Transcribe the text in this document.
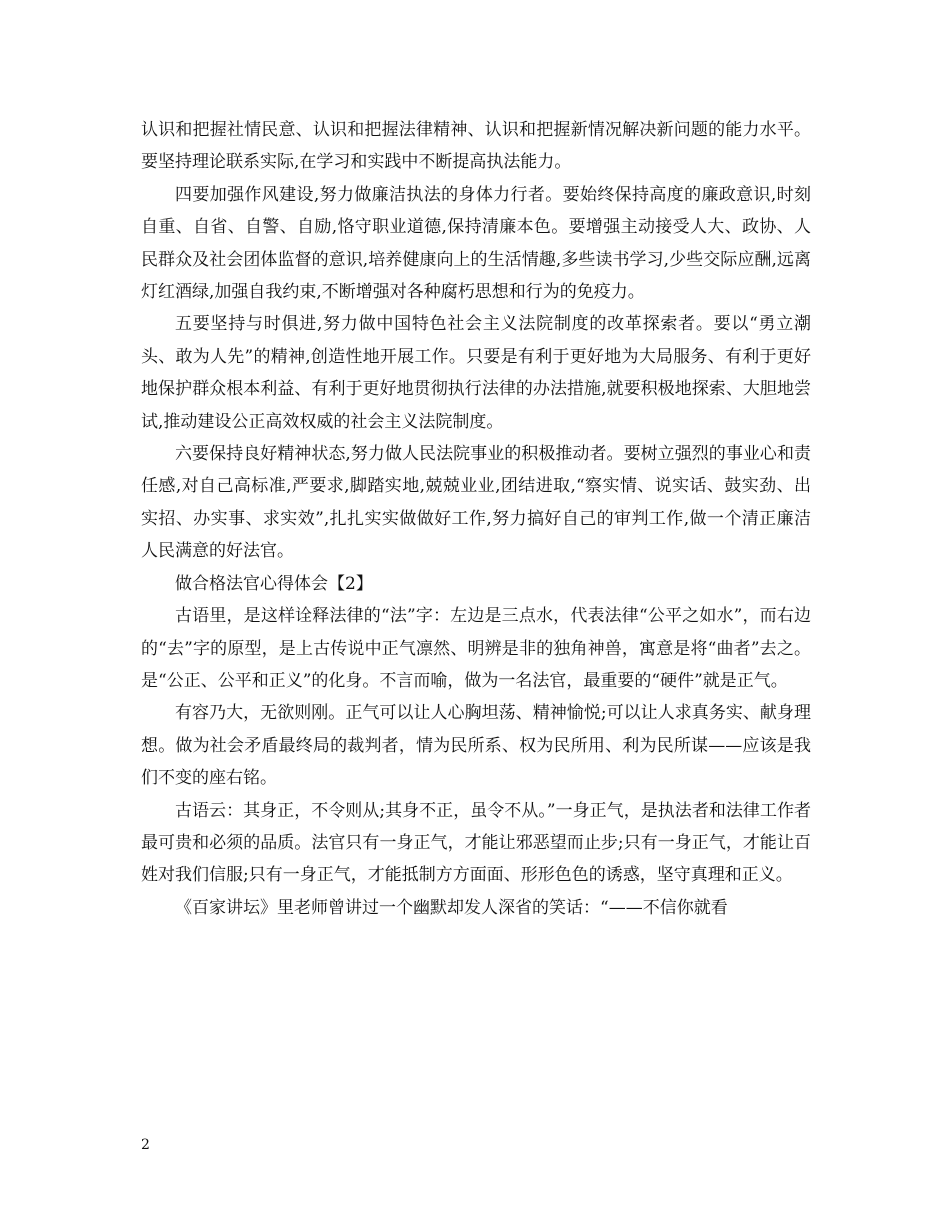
认识和把握社情民意、认识和把握法律精神、认识和把握新情况解决新问题的能力水平。要坚持理论联系实际,在学习和实践中不断提高执法能力。

四要加强作风建设,努力做廉洁执法的身体力行者。要始终保持高度的廉政意识,时刻自重、自省、自警、自励,恪守职业道德,保持清廉本色。要增强主动接受人大、政协、人民群众及社会团体监督的意识,培养健康向上的生活情趣,多些读书学习,少些交际应酬,远离灯红酒绿,加强自我约束,不断增强对各种腐朽思想和行为的免疫力。

五要坚持与时俱进,努力做中国特色社会主义法院制度的改革探索者。要以“勇立潮头、敢为人先”的精神,创造性地开展工作。只要是有利于更好地为大局服务、有利于更好地保护群众根本利益、有利于更好地贯彻执行法律的办法措施,就要积极地探索、大胆地尝试,推动建设公正高效权威的社会主义法院制度。

六要保持良好精神状态,努力做人民法院事业的积极推动者。要树立强烈的事业心和责任感,对自己高标准,严要求,脚踏实地,兢兢业业,团结进取,“察实情、说实话、鼓实劲、出实招、办实事、求实效”,扎扎实实做做好工作,努力搞好自己的审判工作,做一个清正廉洁人民满意的好法官。

做合格法官心得体会【2】

古语里，是这样诠释法律的“法”字：左边是三点水，代表法律“公平之如水”，而右边的“去”字的原型，是上古传说中正气凛然、明辨是非的独角神兽，寓意是将“曲者”去之。是“公正、公平和正义”的化身。不言而喻，做为一名法官，最重要的“硬件”就是正气。

有容乃大，无欲则刚。正气可以让人心胸坦荡、精神愉悦;可以让人求真务实、献身理想。做为社会矛盾最终局的裁判者，情为民所系、权为民所用、利为民所谋——应该是我们不变的座右铭。

古语云：其身正，不令则从;其身不正，虽令不从。”一身正气，是执法者和法律工作者最可贵和必须的品质。法官只有一身正气，才能让邪恶望而止步;只有一身正气，才能让百姓对我们信服;只有一身正气，才能抵制方方面面、形形色色的诱惑，坚守真理和正义。

《百家讲坛》里老师曾讲过一个幽默却发人深省的笑话：“——不信你就看

2
